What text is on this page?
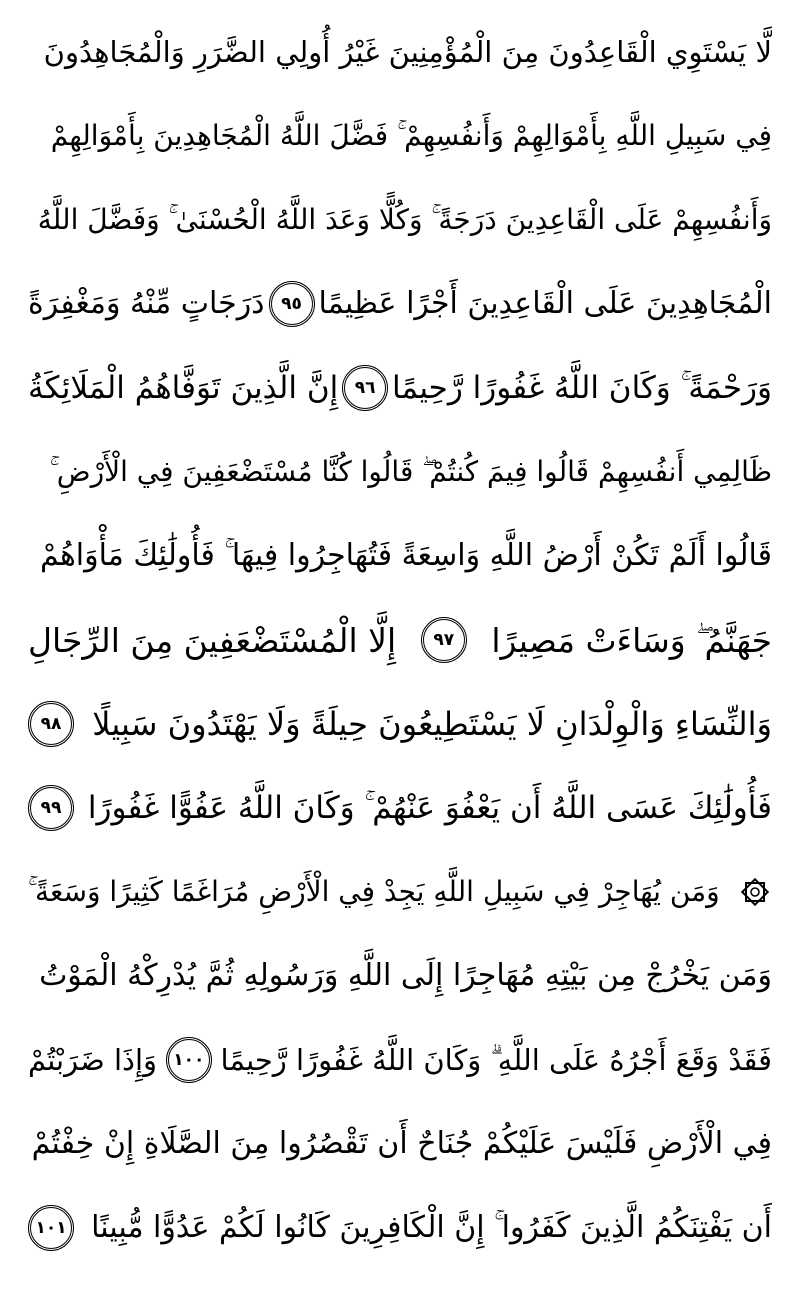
لَّا يَسْتَوِي الْقَاعِدُونَ مِنَ الْمُؤْمِنِينَ غَيْرُ أُولِي الضَّرَرِ وَالْمُجَاهِدُونَ
فِي سَبِيلِ اللَّهِ بِأَمْوَالِهِمْ وَأَنفُسِهِمْ ۚ فَضَّلَ اللَّهُ الْمُجَاهِدِينَ بِأَمْوَالِهِمْ
وَأَنفُسِهِمْ عَلَى الْقَاعِدِينَ دَرَجَةً ۚ وَكُلًّا وَعَدَ اللَّهُ الْحُسْنَىٰ ۚ وَفَضَّلَ اللَّهُ
الْمُجَاهِدِينَ عَلَى الْقَاعِدِينَ أَجْرًا عَظِيمًا
٩٥
دَرَجَاتٍ مِّنْهُ وَمَغْفِرَةً
وَرَحْمَةً ۚ وَكَانَ اللَّهُ غَفُورًا رَّحِيمًا
٩٦
إِنَّ الَّذِينَ تَوَفَّاهُمُ الْمَلَائِكَةُ
ظَالِمِي أَنفُسِهِمْ قَالُوا فِيمَ كُنتُمْ ۖ قَالُوا كُنَّا مُسْتَضْعَفِينَ فِي الْأَرْضِ ۚ
قَالُوا أَلَمْ تَكُنْ أَرْضُ اللَّهِ وَاسِعَةً فَتُهَاجِرُوا فِيهَا ۚ فَأُولَٰئِكَ مَأْوَاهُمْ
جَهَنَّمُ ۖ وَسَاءَتْ مَصِيرًا
٩٧
إِلَّا الْمُسْتَضْعَفِينَ مِنَ الرِّجَالِ
وَالنِّسَاءِ وَالْوِلْدَانِ لَا يَسْتَطِيعُونَ حِيلَةً وَلَا يَهْتَدُونَ سَبِيلًا
٩٨
فَأُولَٰئِكَ عَسَى اللَّهُ أَن يَعْفُوَ عَنْهُمْ ۚ وَكَانَ اللَّهُ عَفُوًّا غَفُورًا
٩٩
وَمَن يُهَاجِرْ فِي سَبِيلِ اللَّهِ يَجِدْ فِي الْأَرْضِ مُرَاغَمًا كَثِيرًا وَسَعَةً ۚ
وَمَن يَخْرُجْ مِن بَيْتِهِ مُهَاجِرًا إِلَى اللَّهِ وَرَسُولِهِ ثُمَّ يُدْرِكْهُ الْمَوْتُ
فَقَدْ وَقَعَ أَجْرُهُ عَلَى اللَّهِ ۗ وَكَانَ اللَّهُ غَفُورًا رَّحِيمًا
١٠٠
وَإِذَا ضَرَبْتُمْ
فِي الْأَرْضِ فَلَيْسَ عَلَيْكُمْ جُنَاحٌ أَن تَقْصُرُوا مِنَ الصَّلَاةِ إِنْ خِفْتُمْ
أَن يَفْتِنَكُمُ الَّذِينَ كَفَرُوا ۚ إِنَّ الْكَافِرِينَ كَانُوا لَكُمْ عَدُوًّا مُّبِينًا
١٠١
